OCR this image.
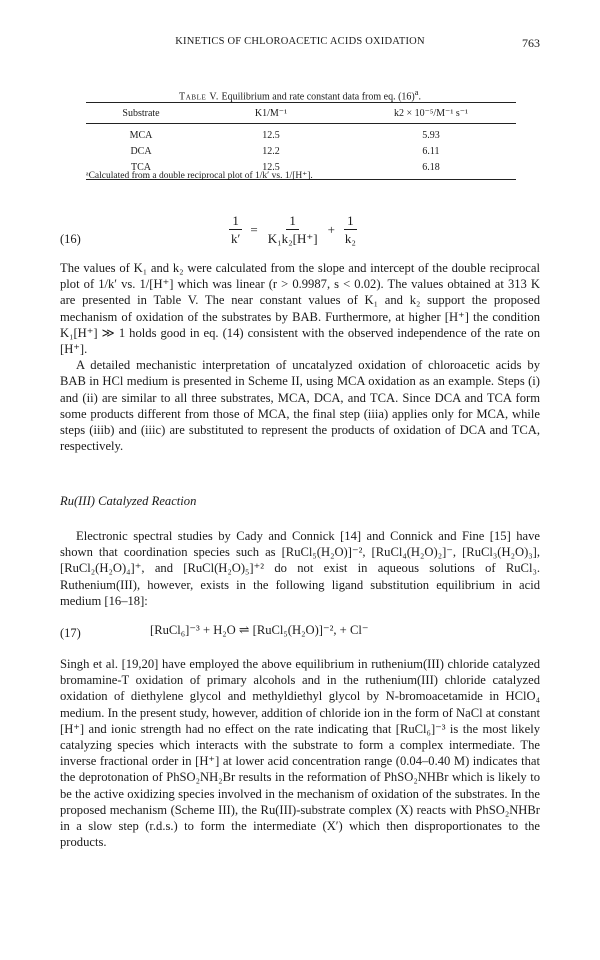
KINETICS OF CHLOROACETIC ACIDS OXIDATION	763
Table V. Equilibrium and rate constant data from eq. $(16)^a$.
Substrate	K1/M⁻¹	k2 × 10⁻⁵/M⁻¹ s⁻¹
MCA	12.5	5.93
DCA	12.2	6.11
TCA	12.5	6.18
ᵃCalculated from a double reciprocal plot of 1/k′ vs. 1/[H⁺].
(16)	$\frac{1}{k'} = \frac{1}{\text{K₁k₂[H⁺]}} + \frac{1}{\text{k₂}}$

The values of K₁ and k₂ were calculated from the slope and intercept of the double reciprocal plot of 1/k′ vs. 1/[H⁺] which was linear (r > 0.9987, s < 0.02). The values obtained at 313 K are presented in Table V. The near constant values of K₁ and k₂ support the proposed mechanism of oxidation of the substrates by BAB. Furthermore, at higher [H⁺] the condition K₁[H⁺] ≫ 1 holds good in eq. (14) consistent with the observed independence of the rate on [H⁺].

A detailed mechanistic interpretation of uncatalyzed oxidation of chloroacetic acids by BAB in HCl medium is presented in Scheme II, using MCA oxidation as an example. Steps (i) and (ii) are similar to all three substrates, MCA, DCA, and TCA. Since DCA and TCA form some products different from those of MCA, the final step (iiia) applies only for MCA, while steps (iiib) and (iiic) are substituted to represent the products of oxidation of DCA and TCA, respectively.

Ru(III) Catalyzed Reaction

Electronic spectral studies by Cady and Connick [14] and Connick and Fine [15] have shown that coordination species such as [RuCl₅(H₂O)]⁻², [RuCl₄(H₂O)₂]⁻, [RuCl₃(H₂O)₃], [RuCl₂(H₂O)₄]⁺, and [RuCl(H₂O)₅]⁺² do not exist in aqueous solutions of RuCl₃. Ruthenium(III), however, exists in the following ligand substitution equilibrium in acid medium [16–18]:

(17)	[RuCl₆]⁻³ + H₂O ⇌ [RuCl₅(H₂O)]⁻², + Cl⁻

Singh et al. [19,20] have employed the above equilibrium in ruthenium(III) chloride catalyzed bromamine-T oxidation of primary alcohols and in the ruthenium(III) chloride catalyzed oxidation of diethylene glycol and methyldiethyl glycol by N-bromoacetamide in HClO₄ medium. In the present study, however, addition of chloride ion in the form of NaCl at constant [H⁺] and ionic strength had no effect on the rate indicating that [RuCl₆]⁻³ is the most likely catalyzing species which interacts with the substrate to form a complex intermediate. The inverse fractional order in [H⁺] at lower acid concentration range (0.04–0.40 M) indicates that the deprotonation of PhSO₂NH₂Br results in the reformation of PhSO₂NHBr which is likely to be the active oxidizing species involved in the mechanism of oxidation of the substrates. In the proposed mechanism (Scheme III), the Ru(III)-substrate complex (X) reacts with PhSO₂NHBr in a slow step (r.d.s.) to form the intermediate (X′) which then disproportionates to the products.
